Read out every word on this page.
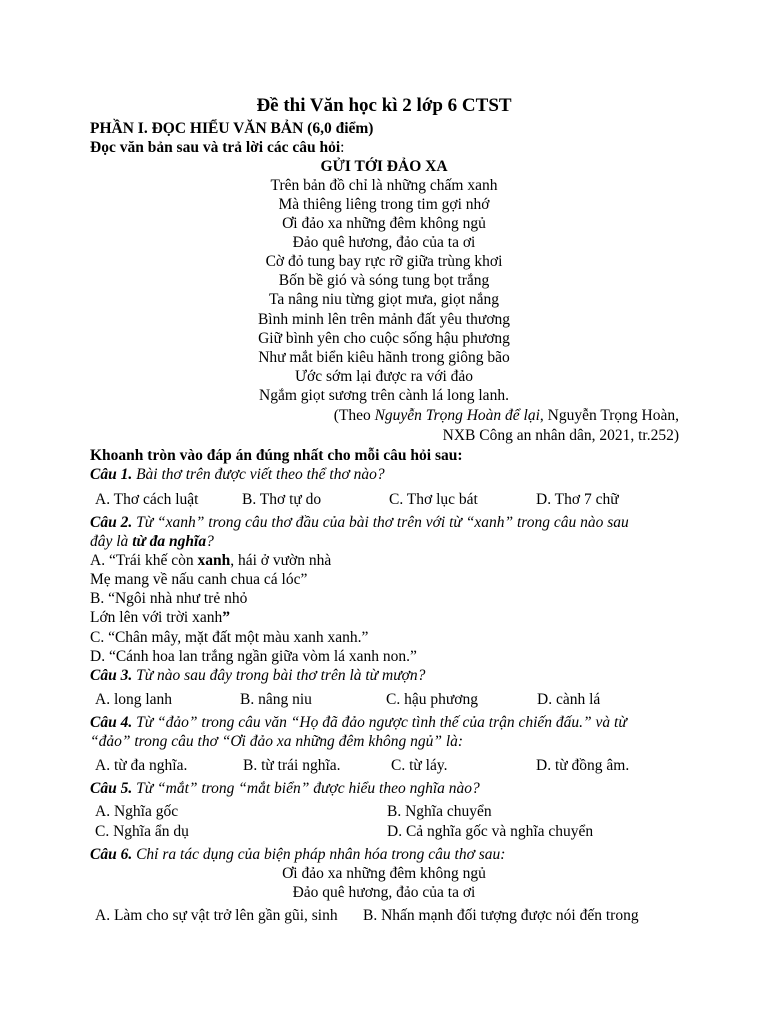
Đề thi Văn học kì 2 lớp 6 CTST
PHẦN I. ĐỌC HIỂU VĂN BẢN (6,0 điểm)
Đọc văn bản sau và trả lời các câu hỏi:
GỬI TỚI ĐẢO XA
Trên bản đồ chỉ là những chấm xanh
Mà thiêng liêng trong tim gợi nhớ
Ơi đảo xa những đêm không ngủ
Đảo quê hương, đảo của ta ơi
Cờ đỏ tung bay rực rỡ giữa trùng khơi
Bốn bề gió và sóng tung bọt trắng
Ta nâng niu từng giọt mưa, giọt nắng
Bình minh lên trên mảnh đất yêu thương
Giữ bình yên cho cuộc sống hậu phương
Như mắt biển kiêu hãnh trong giông bão
Ước sớm lại được ra với đảo
Ngắm giọt sương trên cành lá long lanh.
(Theo Nguyễn Trọng Hoàn để lại, Nguyễn Trọng Hoàn,
NXB Công an nhân dân, 2021, tr.252)
Khoanh tròn vào đáp án đúng nhất cho mỗi câu hỏi sau:
Câu 1. Bài thơ trên được viết theo thể thơ nào?
A. Thơ cách luật	B. Thơ tự do	C. Thơ lục bát	D. Thơ 7 chữ
Câu 2. Từ “xanh” trong câu thơ đầu của bài thơ trên với từ “xanh” trong câu nào sau
đây là từ đa nghĩa?
A. “Trái khế còn xanh, hái ở vườn nhà
Mẹ mang về nấu canh chua cá lóc”
B. “Ngôi nhà như trẻ nhỏ
Lớn lên với trời xanh”
C. “Chân mây, mặt đất một màu xanh xanh.”
D. “Cánh hoa lan trắng ngần giữa vòm lá xanh non.”
Câu 3. Từ nào sau đây trong bài thơ trên là từ mượn?
A. long lanh	B. nâng niu	C. hậu phương	D. cành lá
Câu 4. Từ “đảo” trong câu văn “Họ đã đảo ngược tình thế của trận chiến đấu.” và từ
“đảo” trong câu thơ “Ơi đảo xa những đêm không ngủ” là:
A. từ đa nghĩa.	B. từ trái nghĩa.	C. từ láy.	D. từ đồng âm.
Câu 5. Từ “mắt” trong “mắt biển” được hiểu theo nghĩa nào?
A. Nghĩa gốc	B. Nghĩa chuyển
C. Nghĩa ẩn dụ	D. Cả nghĩa gốc và nghĩa chuyển
Câu 6. Chỉ ra tác dụng của biện pháp nhân hóa trong câu thơ sau:
Ơi đảo xa những đêm không ngủ
Đảo quê hương, đảo của ta ơi
A. Làm cho sự vật trở lên gần gũi, sinh B. Nhấn mạnh đối tượng được nói đến trong
